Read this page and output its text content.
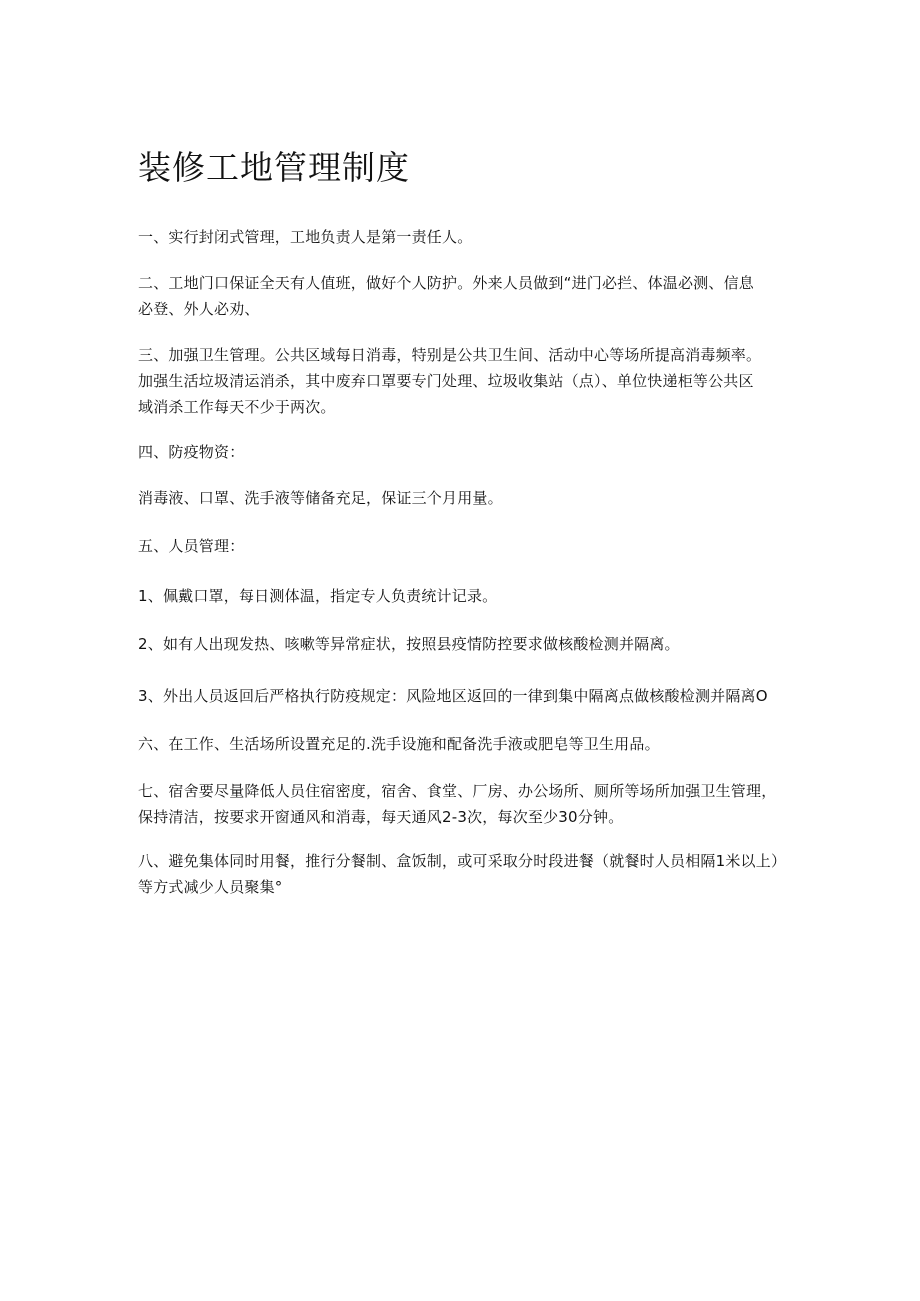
装修工地管理制度

一、实行封闭式管理，工地负责人是第一责任人。

二、工地门口保证全天有人值班，做好个人防护。外来人员做到“进门必拦、体温必测、信息
必登、外人必劝、

三、加强卫生管理。公共区域每日消毒，特别是公共卫生间、活动中心等场所提高消毒频率。
加强生活垃圾清运消杀，其中废弃口罩要专门处理、垃圾收集站（点）、单位快递柜等公共区
域消杀工作每天不少于两次。

四、防疫物资：

消毒液、口罩、洗手液等储备充足，保证三个月用量。

五、人员管理：

1、佩戴口罩，每日测体温，指定专人负责统计记录。

2、如有人出现发热、咳嗽等异常症状，按照县疫情防控要求做核酸检测并隔离。

3、外出人员返回后严格执行防疫规定：风险地区返回的一律到集中隔离点做核酸检测并隔离O

六、在工作、生活场所设置充足的.洗手设施和配备洗手液或肥皂等卫生用品。

七、宿舍要尽量降低人员住宿密度，宿舍、食堂、厂房、办公场所、厕所等场所加强卫生管理，
保持清洁，按要求开窗通风和消毒，每天通风2-3次，每次至少30分钟。

八、避免集体同时用餐，推行分餐制、盒饭制，或可采取分时段进餐（就餐时人员相隔1米以上）
等方式减少人员聚集°
